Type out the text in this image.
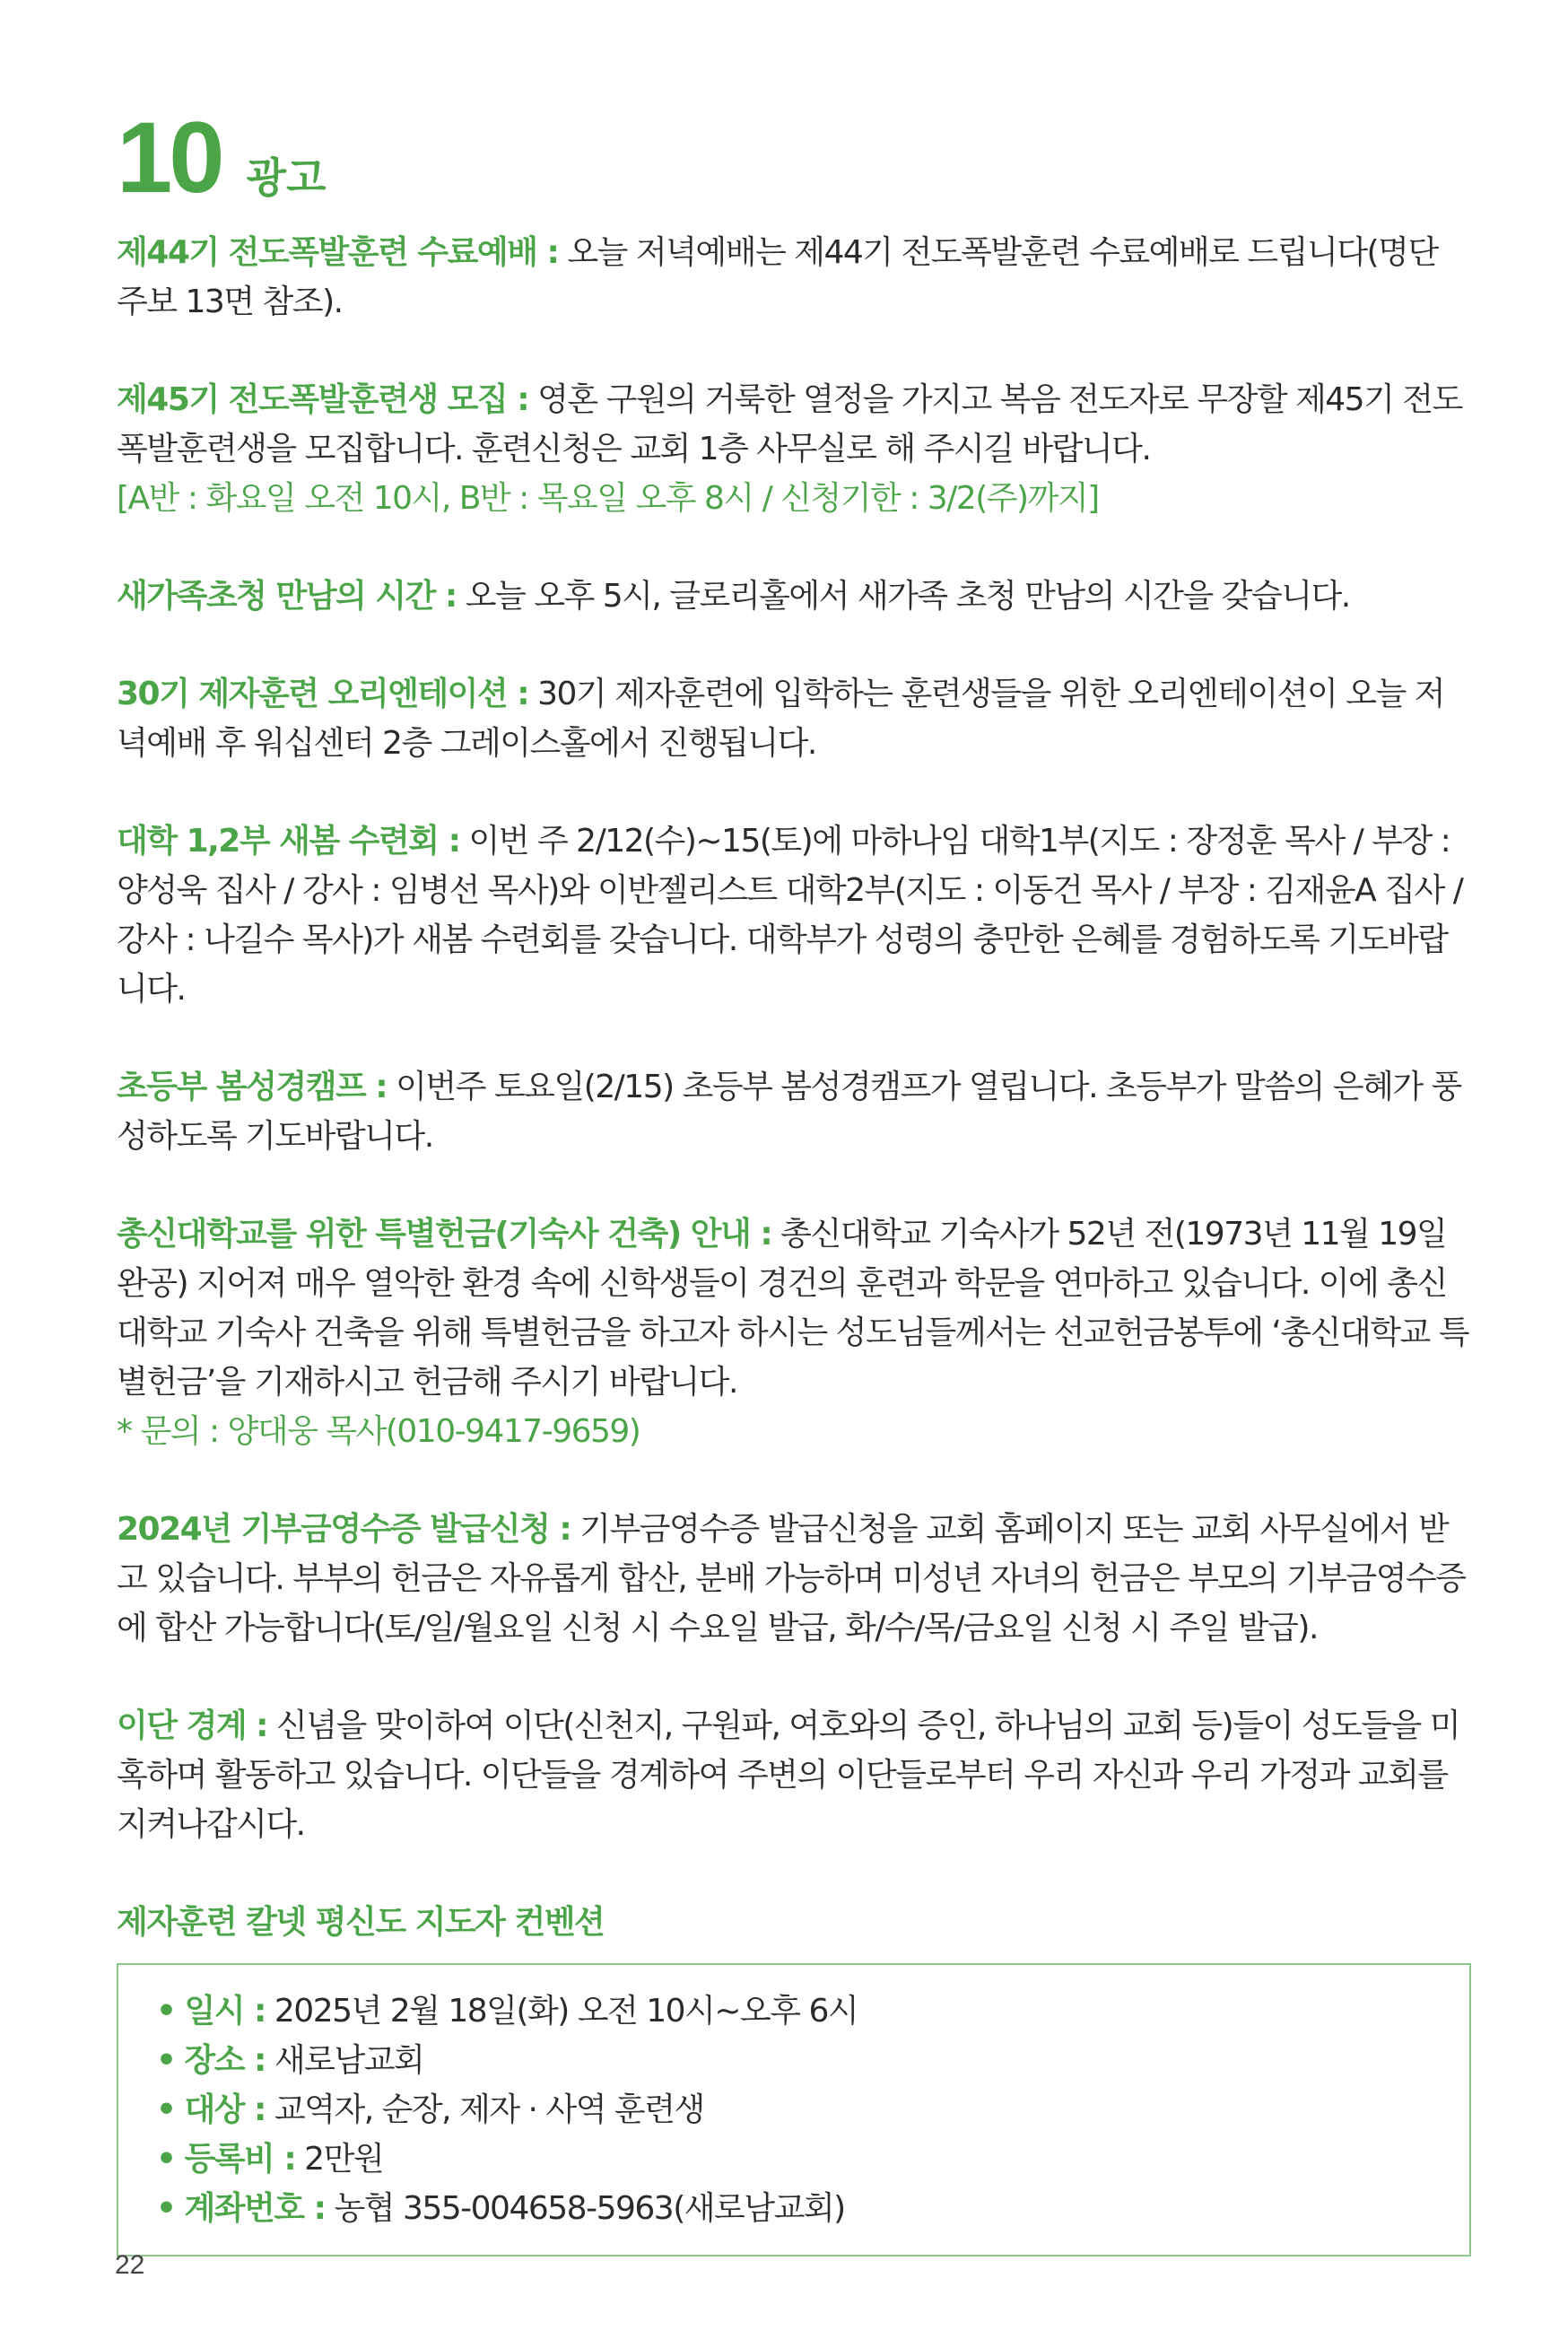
10 광고
제44기 전도폭발훈련 수료예배 : 오늘 저녁예배는 제44기 전도폭발훈련 수료예배로 드립니다(명단 주보 13면 참조).
제45기 전도폭발훈련생 모집 : 영혼 구원의 거룩한 열정을 가지고 복음 전도자로 무장할 제45기 전도폭발훈련생을 모집합니다. 훈련신청은 교회 1층 사무실로 해 주시길 바랍니다.
[A반 : 화요일 오전 10시, B반 : 목요일 오후 8시 / 신청기한 : 3/2(주)까지]
새가족초청 만남의 시간 : 오늘 오후 5시, 글로리홀에서 새가족 초청 만남의 시간을 갖습니다.
30기 제자훈련 오리엔테이션 : 30기 제자훈련에 입학하는 훈련생들을 위한 오리엔테이션이 오늘 저녁예배 후 워십센터 2층 그레이스홀에서 진행됩니다.
대학 1,2부 새봄 수련회 : 이번 주 2/12(수)~15(토)에 마하나임 대학1부(지도 : 장정훈 목사 / 부장 : 양성욱 집사 / 강사 : 임병선 목사)와 이반젤리스트 대학2부(지도 : 이동건 목사 / 부장 : 김재윤A 집사 / 강사 : 나길수 목사)가 새봄 수련회를 갖습니다. 대학부가 성령의 충만한 은혜를 경험하도록 기도바랍니다.
초등부 봄성경캠프 : 이번주 토요일(2/15) 초등부 봄성경캠프가 열립니다. 초등부가 말씀의 은혜가 풍성하도록 기도바랍니다.
총신대학교를 위한 특별헌금(기숙사 건축) 안내 : 총신대학교 기숙사가 52년 전(1973년 11월 19일 완공) 지어져 매우 열악한 환경 속에 신학생들이 경건의 훈련과 학문을 연마하고 있습니다. 이에 총신대학교 기숙사 건축을 위해 특별헌금을 하고자 하시는 성도님들께서는 선교헌금봉투에 ‘총신대학교 특별헌금’을 기재하시고 헌금해 주시기 바랍니다.
* 문의 : 양대웅 목사(010-9417-9659)
2024년 기부금영수증 발급신청 : 기부금영수증 발급신청을 교회 홈페이지 또는 교회 사무실에서 받고 있습니다. 부부의 헌금은 자유롭게 합산, 분배 가능하며 미성년 자녀의 헌금은 부모의 기부금영수증에 합산 가능합니다(토/일/월요일 신청 시 수요일 발급, 화/수/목/금요일 신청 시 주일 발급).
이단 경계 : 신념을 맞이하여 이단(신천지, 구원파, 여호와의 증인, 하나님의 교회 등)들이 성도들을 미혹하며 활동하고 있습니다. 이단들을 경계하여 주변의 이단들로부터 우리 자신과 우리 가정과 교회를 지켜나갑시다.
제자훈련 칼넷 평신도 지도자 컨벤션
• 일시 : 2025년 2월 18일(화) 오전 10시~오후 6시
• 장소 : 새로남교회
• 대상 : 교역자, 순장, 제자 · 사역 훈련생
• 등록비 : 2만원
• 계좌번호 : 농협 355-004658-5963(새로남교회)
22
